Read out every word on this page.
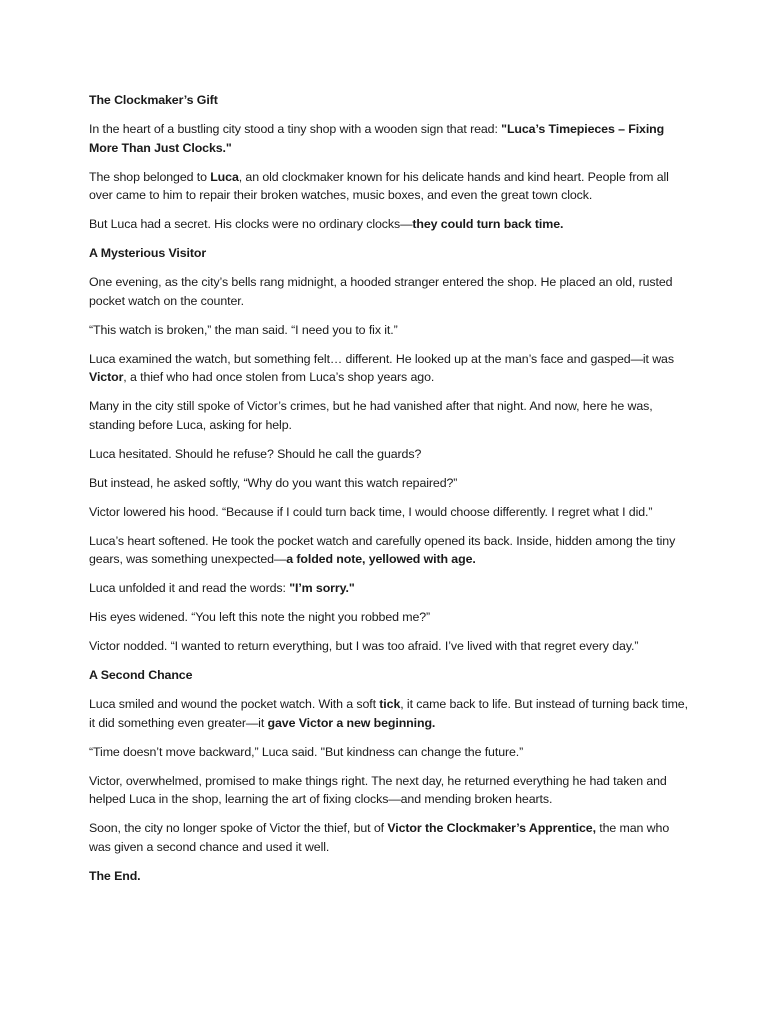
The Clockmaker’s Gift

In the heart of a bustling city stood a tiny shop with a wooden sign that read: "Luca’s Timepieces – Fixing More Than Just Clocks."

The shop belonged to Luca, an old clockmaker known for his delicate hands and kind heart. People from all over came to him to repair their broken watches, music boxes, and even the great town clock.

But Luca had a secret. His clocks were no ordinary clocks—they could turn back time.

A Mysterious Visitor

One evening, as the city’s bells rang midnight, a hooded stranger entered the shop. He placed an old, rusted pocket watch on the counter.

“This watch is broken,” the man said. “I need you to fix it.”

Luca examined the watch, but something felt… different. He looked up at the man’s face and gasped—it was Victor, a thief who had once stolen from Luca’s shop years ago.

Many in the city still spoke of Victor’s crimes, but he had vanished after that night. And now, here he was, standing before Luca, asking for help.

Luca hesitated. Should he refuse? Should he call the guards?

But instead, he asked softly, “Why do you want this watch repaired?”

Victor lowered his hood. “Because if I could turn back time, I would choose differently. I regret what I did.”

Luca’s heart softened. He took the pocket watch and carefully opened its back. Inside, hidden among the tiny gears, was something unexpected—a folded note, yellowed with age.

Luca unfolded it and read the words: "I’m sorry."

His eyes widened. “You left this note the night you robbed me?”

Victor nodded. “I wanted to return everything, but I was too afraid. I’ve lived with that regret every day.”

A Second Chance

Luca smiled and wound the pocket watch. With a soft tick, it came back to life. But instead of turning back time, it did something even greater—it gave Victor a new beginning.

“Time doesn’t move backward,” Luca said. "But kindness can change the future.”

Victor, overwhelmed, promised to make things right. The next day, he returned everything he had taken and helped Luca in the shop, learning the art of fixing clocks—and mending broken hearts.

Soon, the city no longer spoke of Victor the thief, but of Victor the Clockmaker’s Apprentice, the man who was given a second chance and used it well.

The End.
